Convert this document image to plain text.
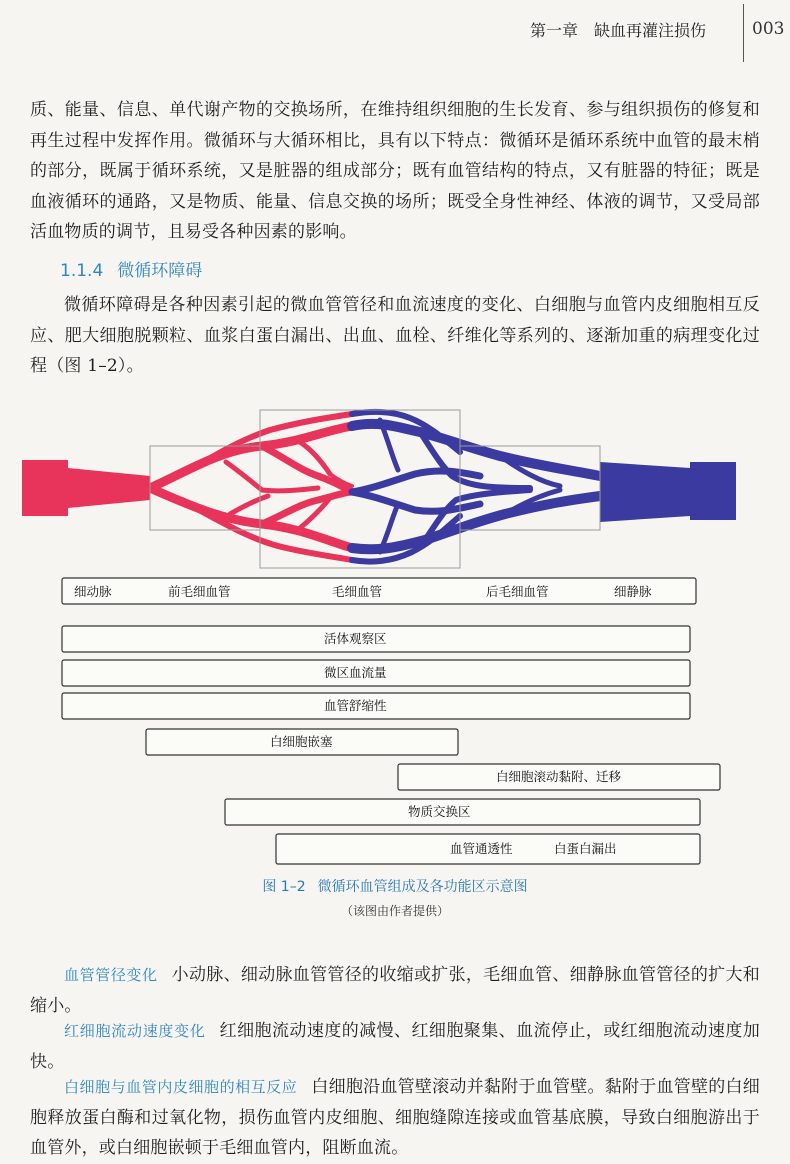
第一章　缺血再灌注损伤	003

质、能量、信息、单代谢产物的交换场所，在维持组织细胞的生长发育、参与组织损伤的修复和再生过程中发挥作用。微循环与大循环相比，具有以下特点：微循环是循环系统中血管的最末梢的部分，既属于循环系统，又是脏器的组成部分；既有血管结构的特点，又有脏器的特征；既是血液循环的通路，又是物质、能量、信息交换的场所；既受全身性神经、体液的调节，又受局部活血物质的调节，且易受各种因素的影响。

1.1.4 微循环障碍

微循环障碍是各种因素引起的微血管管径和血流速度的变化、白细胞与血管内皮细胞相互反应、肥大细胞脱颗粒、血浆白蛋白漏出、出血、血栓、纤维化等系列的、逐渐加重的病理变化过程（图 1–2）。

细动脉	前毛细血管	毛细血管	后毛细血管	细静脉
活体观察区
微区血流量
血管舒缩性
白细胞嵌塞
白细胞滚动黏附、迁移
物质交换区
血管通透性	白蛋白漏出
图 1–2 微循环血管组成及各功能区示意图
（该图由作者提供）

血管管径变化 小动脉、细动脉血管管径的收缩或扩张，毛细血管、细静脉血管管径的扩大和缩小。

红细胞流动速度变化 红细胞流动速度的减慢、红细胞聚集、血流停止，或红细胞流动速度加快。

白细胞与血管内皮细胞的相互反应 白细胞沿血管壁滚动并黏附于血管壁。黏附于血管壁的白细胞释放蛋白酶和过氧化物，损伤血管内皮细胞、细胞缝隙连接或血管基底膜，导致白细胞游出于血管外，或白细胞嵌顿于毛细血管内，阻断血流。
